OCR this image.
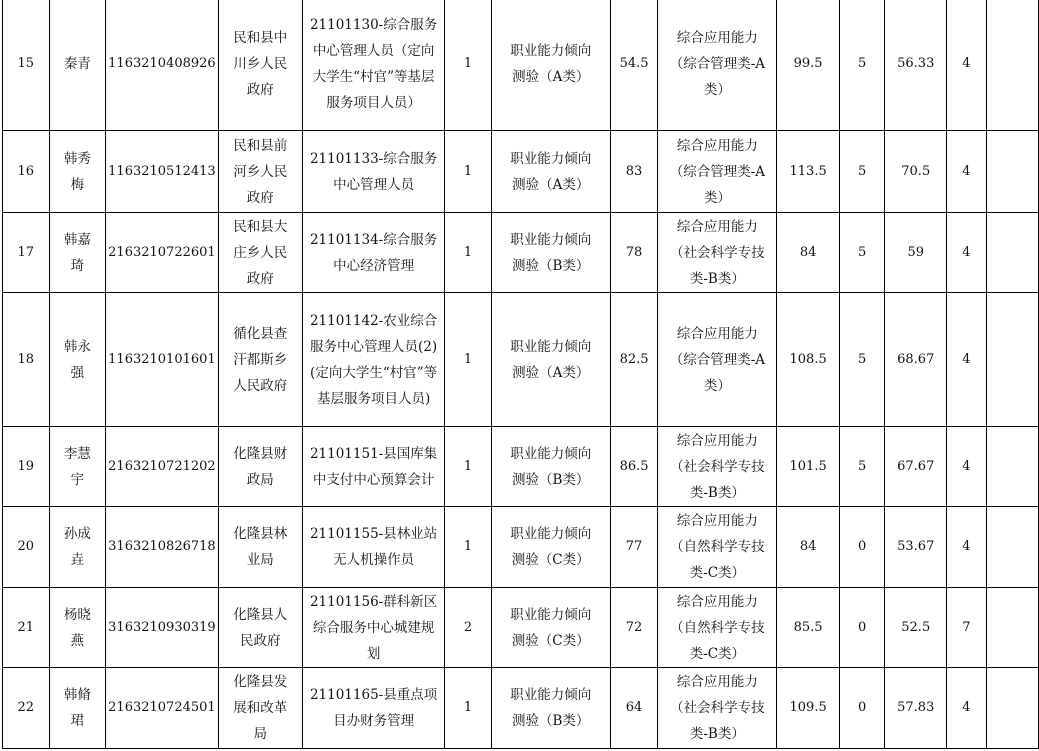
15	秦青	1163210408926	民和县中川乡人民政府	21101130-综合服务中心管理人员（定向大学生“村官”等基层服务项目人员）	1	职业能力倾向测验（A类）	54.5	综合应用能力（综合管理类-A类）	99.5	5	56.33	4	
16	韩秀梅	1163210512413	民和县前河乡人民政府	21101133-综合服务中心管理人员	1	职业能力倾向测验（A类）	83	综合应用能力（综合管理类-A类）	113.5	5	70.5	4	
17	韩嘉琦	2163210722601	民和县大庄乡人民政府	21101134-综合服务中心经济管理	1	职业能力倾向测验（B类）	78	综合应用能力（社会科学专技类-B类）	84	5	59	4	
18	韩永强	1163210101601	循化县查汗都斯乡人民政府	21101142-农业综合服务中心管理人员(2)(定向大学生“村官”等基层服务项目人员)	1	职业能力倾向测验（A类）	82.5	综合应用能力（综合管理类-A类）	108.5	5	68.67	4	
19	李慧宇	2163210721202	化隆县财政局	21101151-县国库集中支付中心预算会计	1	职业能力倾向测验（B类）	86.5	综合应用能力（社会科学专技类-B类）	101.5	5	67.67	4	
20	孙成垚	3163210826718	化隆县林业局	21101155-县林业站无人机操作员	1	职业能力倾向测验（C类）	77	综合应用能力（自然科学专技类-C类）	84	0	53.67	4	
21	杨晓燕	3163210930319	化隆县人民政府	21101156-群科新区综合服务中心城建规划	2	职业能力倾向测验（C类）	72	综合应用能力（自然科学专技类-C类）	85.5	0	52.5	7	
22	韩脩珺	2163210724501	化隆县发展和改革局	21101165-县重点项目办财务管理	1	职业能力倾向测验（B类）	64	综合应用能力（社会科学专技类-B类）	109.5	0	57.83	4	
